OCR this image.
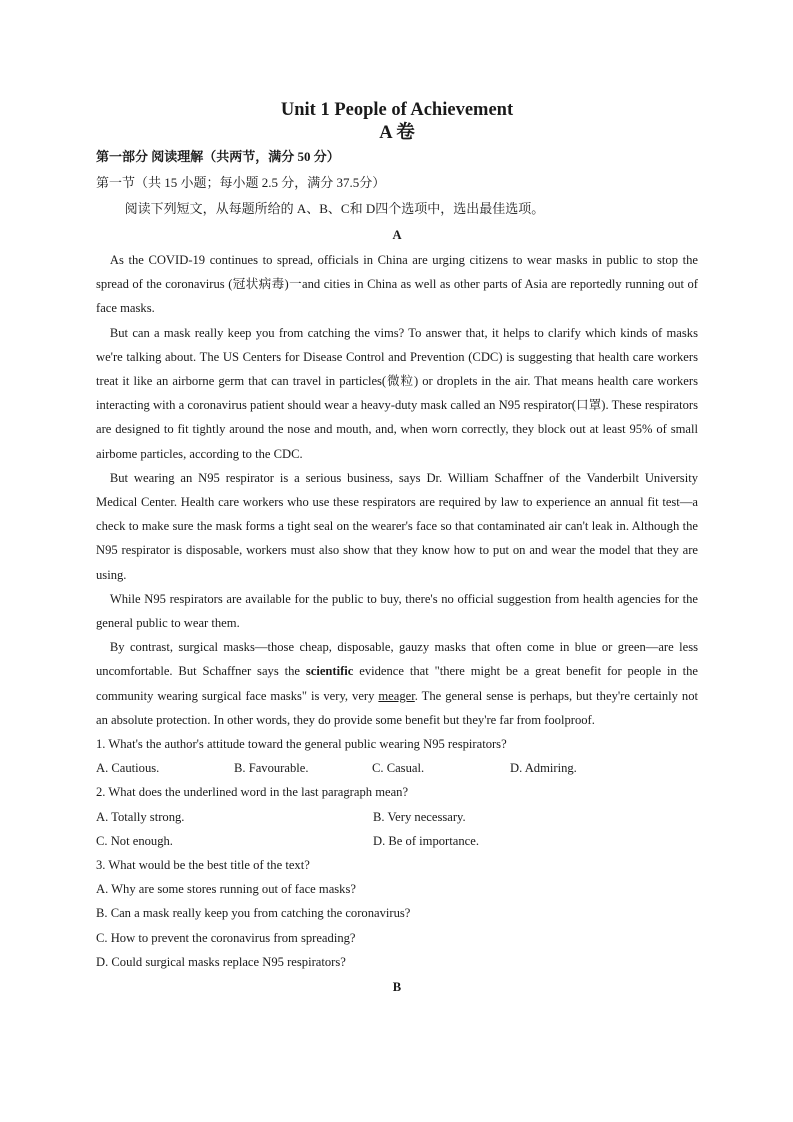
Unit 1 People of Achievement
A 卷
第一部分 阅读理解（共两节，满分 50 分）
第一节（共 15 小题；每小题 2.5 分，满分 37.5分）
阅读下列短文，从每题所给的 A、B、C和 D四个选项中，选出最佳选项。
A

As the COVID-19 continues to spread, officials in China are urging citizens to wear masks in public to stop the spread of the coronavirus (冠状病毒)一and cities in China as well as other parts of Asia are reportedly running out of face masks.

But can a mask really keep you from catching the vims? To answer that, it helps to clarify which kinds of masks we're talking about. The US Centers for Disease Control and Prevention (CDC) is suggesting that health care workers treat it like an airborne germ that can travel in particles(微粒) or droplets in the air. That means health care workers interacting with a coronavirus patient should wear a heavy-duty mask called an N95 respirator(口罩). These respirators are designed to fit tightly around the nose and mouth, and, when worn correctly, they block out at least 95% of small airbome particles, according to the CDC.

But wearing an N95 respirator is a serious business, says Dr. William Schaffner of the Vanderbilt University Medical Center. Health care workers who use these respirators are required by law to experience an annual fit test—a check to make sure the mask forms a tight seal on the wearer's face so that contaminated air can't leak in. Although the N95 respirator is disposable, workers must also show that they know how to put on and wear the model that they are using.

While N95 respirators are available for the public to buy, there's no official suggestion from health agencies for the general public to wear them.

By contrast, surgical masks—those cheap, disposable, gauzy masks that often come in blue or green—are less uncomfortable. But Schaffner says the scientific evidence that "there might be a great benefit for people in the community wearing surgical face masks" is very, very meager. The general sense is perhaps, but they're certainly not an absolute protection. In other words, they do provide some benefit but they're far from foolproof.

1. What's the author's attitude toward the general public wearing N95 respirators?

A. Cautious.	B. Favourable.	C. Casual.	D. Admiring.

2. What does the underlined word in the last paragraph mean?

A. Totally strong.	B. Very necessary.
C. Not enough.	D. Be of importance.

3. What would be the best title of the text?

A. Why are some stores running out of face masks?

B. Can a mask really keep you from catching the coronavirus?

C. How to prevent the coronavirus from spreading?

D. Could surgical masks replace N95 respirators?

B
